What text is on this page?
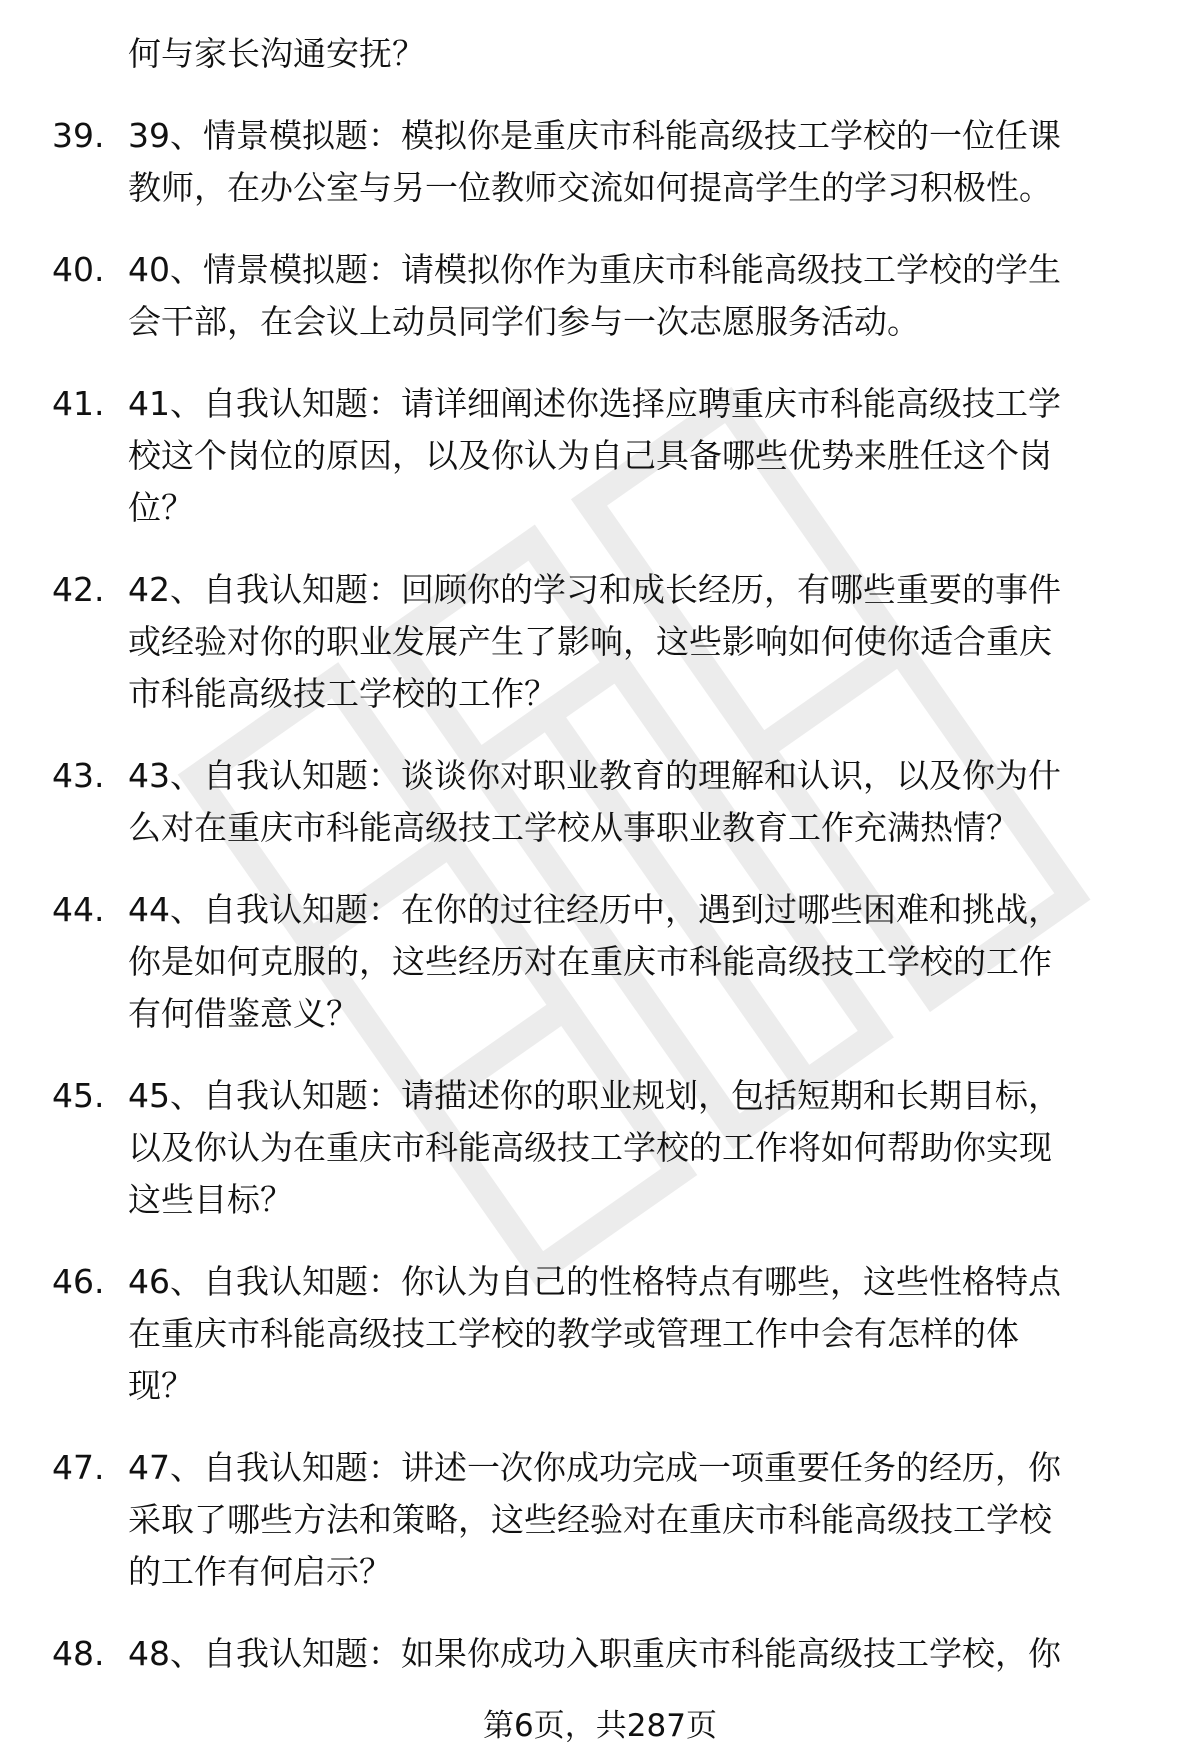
何与家长沟通安抚？

39. 39、情景模拟题：模拟你是重庆市科能高级技工学校的一位任课
教师，在办公室与另一位教师交流如何提高学生的学习积极性。
40. 40、情景模拟题：请模拟你作为重庆市科能高级技工学校的学生
会干部，在会议上动员同学们参与一次志愿服务活动。
41. 41、自我认知题：请详细阐述你选择应聘重庆市科能高级技工学
校这个岗位的原因，以及你认为自己具备哪些优势来胜任这个岗
位？
42. 42、自我认知题：回顾你的学习和成长经历，有哪些重要的事件
或经验对你的职业发展产生了影响，这些影响如何使你适合重庆
市科能高级技工学校的工作？
43. 43、自我认知题：谈谈你对职业教育的理解和认识，以及你为什
么对在重庆市科能高级技工学校从事职业教育工作充满热情？
44. 44、自我认知题：在你的过往经历中，遇到过哪些困难和挑战，
你是如何克服的，这些经历对在重庆市科能高级技工学校的工作
有何借鉴意义？
45. 45、自我认知题：请描述你的职业规划，包括短期和长期目标，
以及你认为在重庆市科能高级技工学校的工作将如何帮助你实现
这些目标？
46. 46、自我认知题：你认为自己的性格特点有哪些，这些性格特点
在重庆市科能高级技工学校的教学或管理工作中会有怎样的体
现？
47. 47、自我认知题：讲述一次你成功完成一项重要任务的经历，你
采取了哪些方法和策略，这些经验对在重庆市科能高级技工学校
的工作有何启示？
48. 48、自我认知题：如果你成功入职重庆市科能高级技工学校，你
第6页，共287页
